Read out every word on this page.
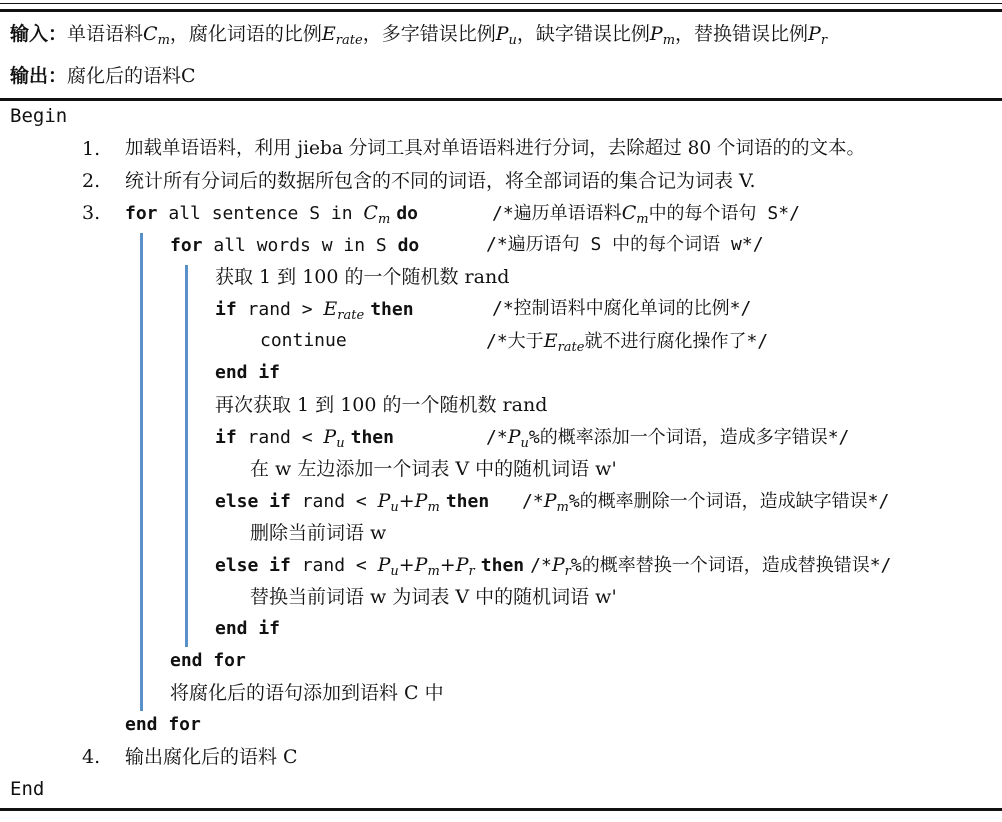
输入：单语语料$C_m$，腐化词语的比例$E_{rate}$，多字错误比例$P_u$，缺字错误比例$P_m$，替换错误比例$P_r$
输出：腐化后的语料C
Begin
1. 加载单语语料，利用 jieba 分词工具对单语语料进行分词，去除超过 80 个词语的的文本。
2. 统计所有分词后的数据所包含的不同的词语，将全部词语的集合记为词表 V.
3. for all sentence S in $C_m$ do	/*遍历单语语料$C_m$中的每个语句 S*/
for all words w in S do	/*遍历语句 S 中的每个词语 w*/
获取 1 到 100 的一个随机数 rand
if rand > $E_{rate}$ then	/*控制语料中腐化单词的比例*/
continue	/*大于$E_{rate}$就不进行腐化操作了*/
end if
再次获取 1 到 100 的一个随机数 rand
if rand < $P_u$ then	$/*P_u\%$的概率添加一个词语，造成多字错误*/
在 w 左边添加一个词表 V 中的随机词语 w'
else if rand < $P_u+P_m$ then $/*P_m\%$的概率删除一个词语，造成缺字错误*/
删除当前词语 w
else if rand < $P_u+P_m+P_r$ then $/*P_r\%$的概率替换一个词语，造成替换错误*/
替换当前词语 w 为词表 V 中的随机词语 w'
end if
end for
将腐化后的语句添加到语料 C 中
end for
4. 输出腐化后的语料 C
End
